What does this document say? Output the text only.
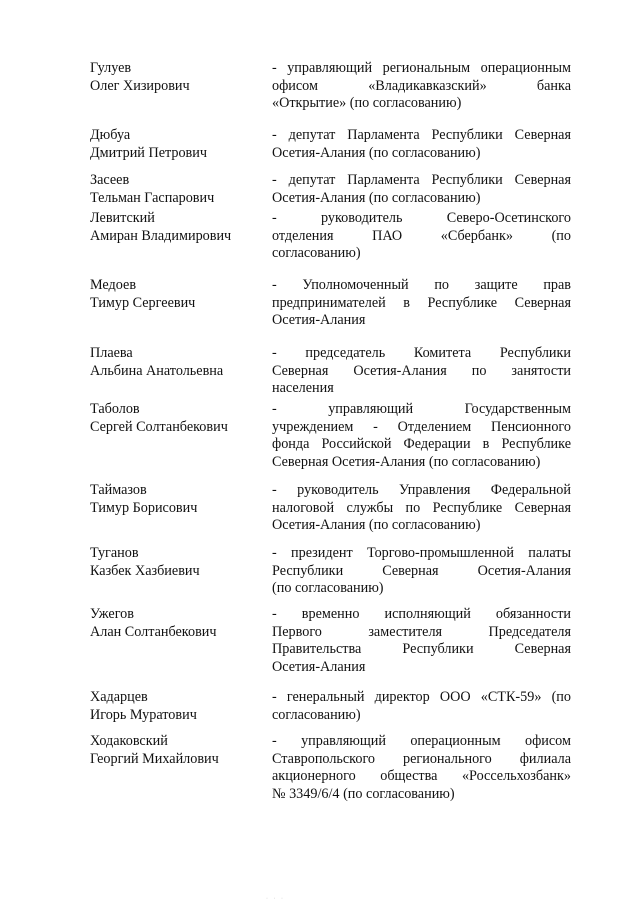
Гулуев
Олег Хизирович
- управляющий региональным операционным
офисом «Владикавказский» банка
«Открытие» (по согласованию)
Дюбуа
Дмитрий Петрович
- депутат Парламента Республики Северная
Осетия-Алания (по согласованию)
Засеев
Тельман Гаспарович
- депутат Парламента Республики Северная
Осетия-Алания (по согласованию)
Левитский
Амиран Владимирович
- руководитель Северо-Осетинского
отделения ПАО «Сбербанк» (по
согласованию)
Медоев
Тимур Сергеевич
- Уполномоченный по защите прав
предпринимателей в Республике Северная
Осетия-Алания
Плаева
Альбина Анатольевна
- председатель Комитета Республики
Северная Осетия-Алания по занятости
населения
Таболов
Сергей Солтанбекович
- управляющий Государственным
учреждением - Отделением Пенсионного
фонда Российской Федерации в Республике
Северная Осетия-Алания (по согласованию)
Таймазов
Тимур Борисович
- руководитель Управления Федеральной
налоговой службы по Республике Северная
Осетия-Алания (по согласованию)
Туганов
Казбек Хазбиевич
- президент Торгово-промышленной палаты
Республики Северная Осетия-Алания
(по согласованию)
Ужегов
Алан Солтанбекович
- временно исполняющий обязанности
Первого заместителя Председателя
Правительства Республики Северная
Осетия-Алания
Хадарцев
Игорь Муратович
- генеральный директор ООО «СТК-59» (по
согласованию)
Ходаковский
Георгий Михайлович
- управляющий операционным офисом
Ставропольского регионального филиала
акционерного общества «Россельхозбанк»
№ 3349/6/4 (по согласованию)
· · ·
